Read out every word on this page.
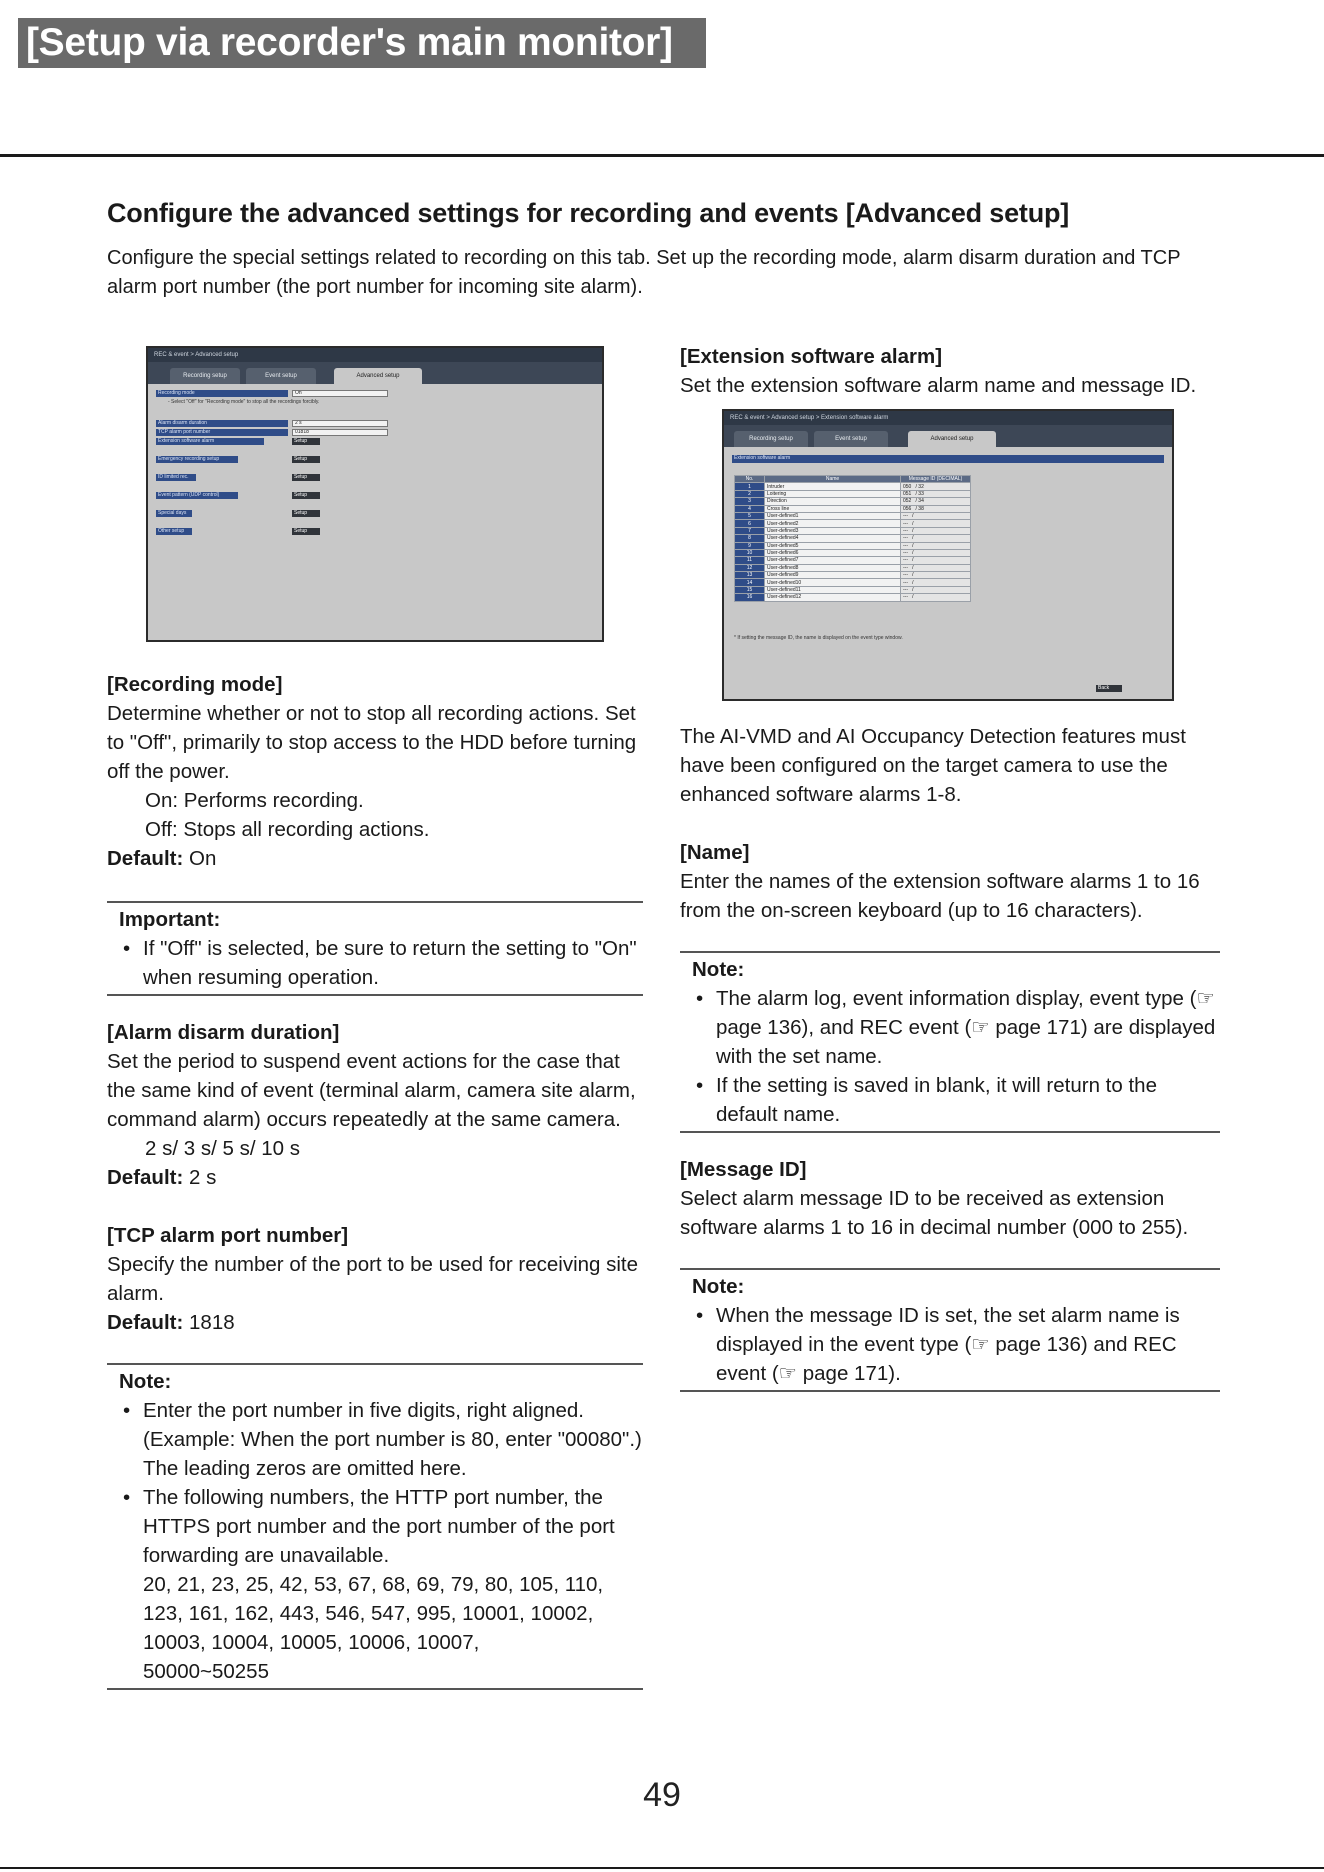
[Setup via recorder's main monitor]
Configure the advanced settings for recording and events [Advanced setup]
Configure the special settings related to recording on this tab. Set up the recording mode, alarm disarm duration and TCP alarm port number (the port number for incoming site alarm).
REC & event > Advanced setup
Recording setup	Event setup	Advanced setup
Recording mode	On
- Select "Off" for "Recording mode" to stop all the recordings forcibly.
Alarm disarm duration	2 s
TCP alarm port number	01818
Extension software alarm	Setup
Emergency recording setup	Setup
ID limited rec.	Setup
Event pattern (UDP control)	Setup
Special days	Setup
Other setup	Setup
[Recording mode]
Determine whether or not to stop all recording actions. Set to "Off", primarily to stop access to the HDD before turning off the power.
On: Performs recording.
Off: Stops all recording actions.
Default: On
Important:
• If "Off" is selected, be sure to return the setting to "On" when resuming operation.
[Alarm disarm duration]
Set the period to suspend event actions for the case that the same kind of event (terminal alarm, camera site alarm, command alarm) occurs repeatedly at the same camera.
2 s/ 3 s/ 5 s/ 10 s
Default: 2 s
[TCP alarm port number]
Specify the number of the port to be used for receiving site alarm.
Default: 1818
Note:
• Enter the port number in five digits, right aligned. (Example: When the port number is 80, enter "00080".) The leading zeros are omitted here.
• The following numbers, the HTTP port number, the HTTPS port number and the port number of the port forwarding are unavailable.
20, 21, 23, 25, 42, 53, 67, 68, 69, 79, 80, 105, 110,
123, 161, 162, 443, 546, 547, 995, 10001, 10002,
10003, 10004, 10005, 10006, 10007,
50000~50255
[Extension software alarm]
Set the extension software alarm name and message ID.
The AI-VMD and AI Occupancy Detection features must have been configured on the target camera to use the enhanced software alarms 1-8.
[Name]
Enter the names of the extension software alarms 1 to 16 from the on-screen keyboard (up to 16 characters).
Note:
• The alarm log, event information display, event type (☞ page 136), and REC event (☞ page 171) are displayed with the set name.
• If the setting is saved in blank, it will return to the default name.
[Message ID]
Select alarm message ID to be received as extension software alarms 1 to 16 in decimal number (000 to 255).
Note:
• When the message ID is set, the set alarm name is displayed in the event type (☞ page 136) and REC event (☞ page 171).
REC & event > Advanced setup > Extension software alarm
Recording setup	Event setup	Advanced setup
Extension software alarm
No.	Name	Message ID (DECIMAL)
1	Intruder	050 / 32
2	Loitering	051 / 33
3	Direction	052 / 34
4	Cross line	056 / 38
5	User-defined1	--- /
6	User-defined2	--- /
7	User-defined3	--- /
8	User-defined4	--- /
9	User-defined5	--- /
10	User-defined6	--- /
11	User-defined7	--- /
12	User-defined8	--- /
13	User-defined9	--- /
14	User-defined10	--- /
15	User-defined11	--- /
16	User-defined12	--- /
* If setting the message ID, the name is displayed on the event type window.
Back
49
